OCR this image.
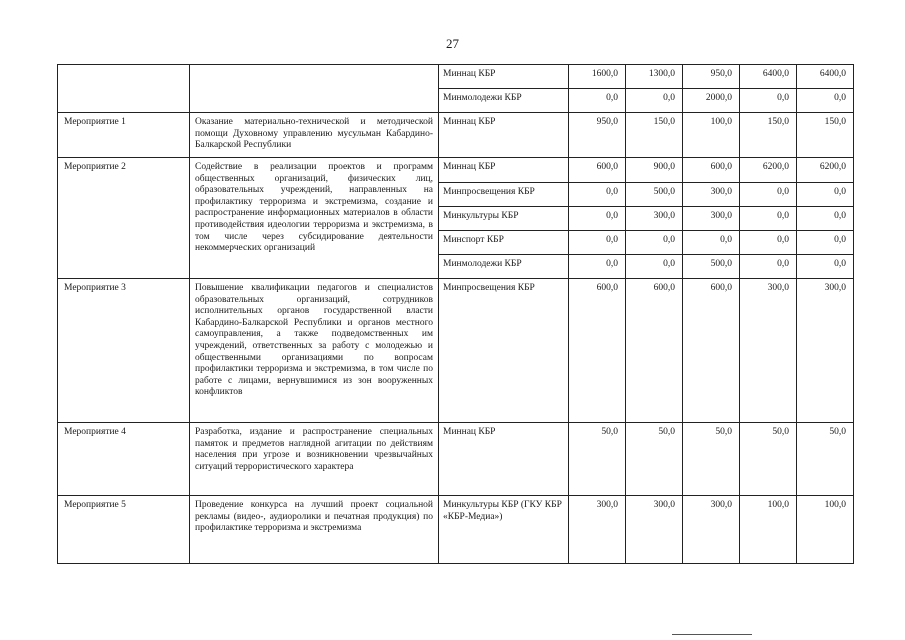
27
		Миннац КБР	1600,0	1300,0	950,0	6400,0	6400,0
		Минмолодежи КБР	0,0	0,0	2000,0	0,0	0,0
Мероприятие 1	Оказание материально-технической и методической помощи Духовному управлению мусульман Кабардино-Балкарской Республики	Миннац КБР	950,0	150,0	100,0	150,0	150,0
Мероприятие 2	Содействие в реализации проектов и программ общественных организаций, физических лиц, образовательных учреждений, направленных на профилактику терроризма и экстремизма, создание и распространение информационных материалов в области противодействия идеологии терроризма и экстремизма, в том числе через субсидирование деятельности некоммерческих организаций	Миннац КБР	600,0	900,0	600,0	6200,0	6200,0
		Минпросвещения КБР	0,0	500,0	300,0	0,0	0,0
		Минкультуры КБР	0,0	300,0	300,0	0,0	0,0
		Минспорт КБР	0,0	0,0	0,0	0,0	0,0
		Минмолодежи КБР	0,0	0,0	500,0	0,0	0,0
Мероприятие 3	Повышение квалификации педагогов и специалистов образовательных организаций, сотрудников исполнительных органов государственной власти Кабардино-Балкарской Республики и органов местного самоуправления, а также подведомственных им учреждений, ответственных за работу с молодежью и общественными организациями по вопросам профилактики терроризма и экстремизма, в том числе по работе с лицами, вернувшимися из зон вооруженных конфликтов	Минпросвещения КБР	600,0	600,0	600,0	300,0	300,0
Мероприятие 4	Разработка, издание и распространение специальных памяток и предметов наглядной агитации по действиям населения при угрозе и возникновении чрезвычайных ситуаций террористического характера	Миннац КБР	50,0	50,0	50,0	50,0	50,0
Мероприятие 5	Проведение конкурса на лучший проект социальной рекламы (видео-, аудиоролики и печатная продукция) по профилактике терроризма и экстремизма	Минкультуры КБР (ГКУ КБР «КБР-Медиа»)	300,0	300,0	300,0	100,0	100,0
